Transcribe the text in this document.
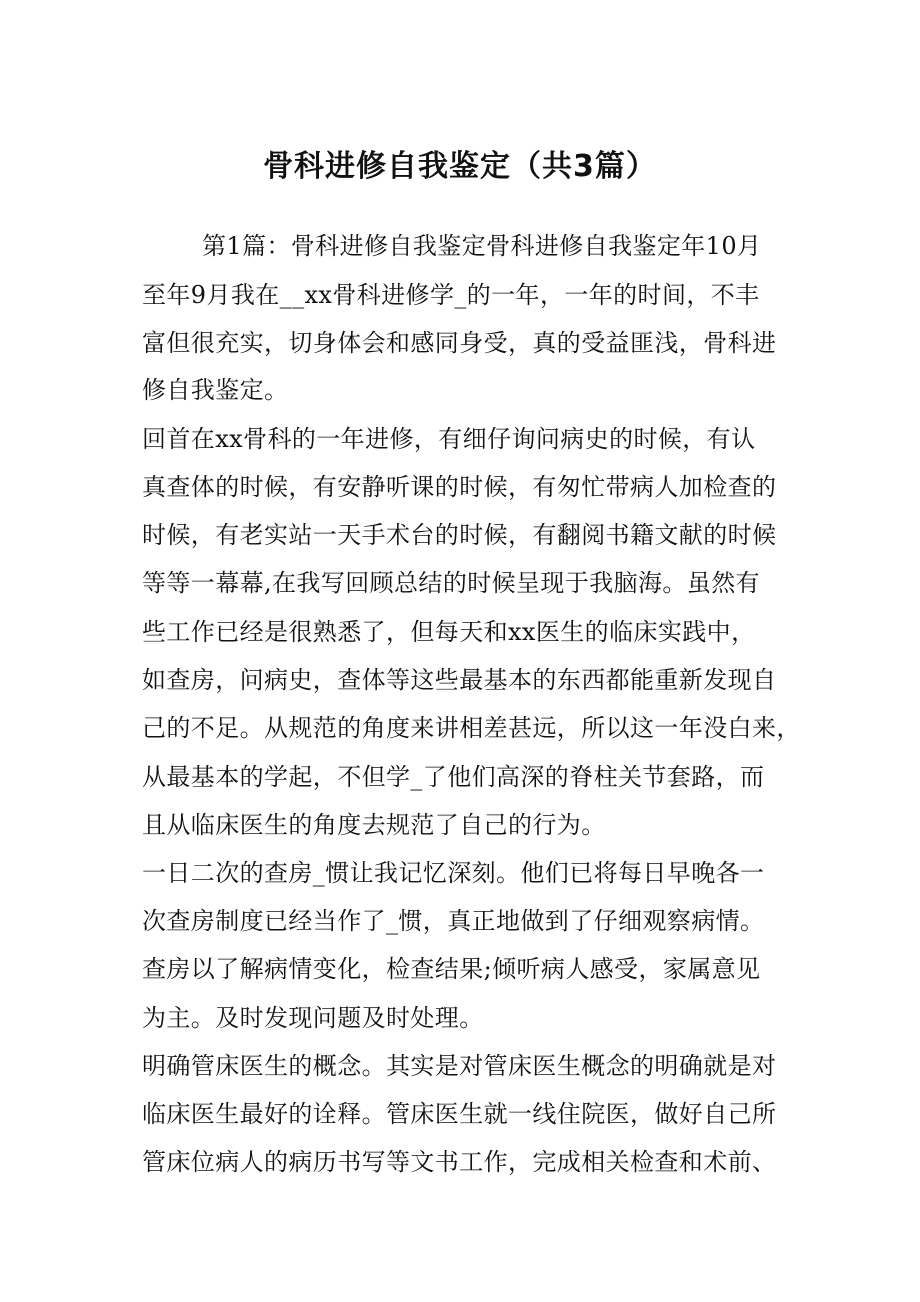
骨科进修自我鉴定（共3篇）
第1篇：骨科进修自我鉴定骨科进修自我鉴定年10月
至年9月我在__xx骨科进修学_的一年，一年的时间，不丰
富但很充实，切身体会和感同身受，真的受益匪浅，骨科进
修自我鉴定。
回首在xx骨科的一年进修，有细仔询问病史的时候，有认
真查体的时候，有安静听课的时候，有匆忙带病人加检查的
时候，有老实站一天手术台的时候，有翻阅书籍文献的时候
等等一幕幕,在我写回顾总结的时候呈现于我脑海。虽然有
些工作已经是很熟悉了，但每天和xx医生的临床实践中，
如查房，问病史，查体等这些最基本的东西都能重新发现自
己的不足。从规范的角度来讲相差甚远，所以这一年没白来，
从最基本的学起，不但学_了他们高深的脊柱关节套路，而
且从临床医生的角度去规范了自己的行为。
一日二次的查房_惯让我记忆深刻。他们已将每日早晚各一
次查房制度已经当作了_惯，真正地做到了仔细观察病情。
查房以了解病情变化，检查结果;倾听病人感受，家属意见
为主。及时发现问题及时处理。
明确管床医生的概念。其实是对管床医生概念的明确就是对
临床医生最好的诠释。管床医生就一线住院医，做好自己所
管床位病人的病历书写等文书工作，完成相关检查和术前、
